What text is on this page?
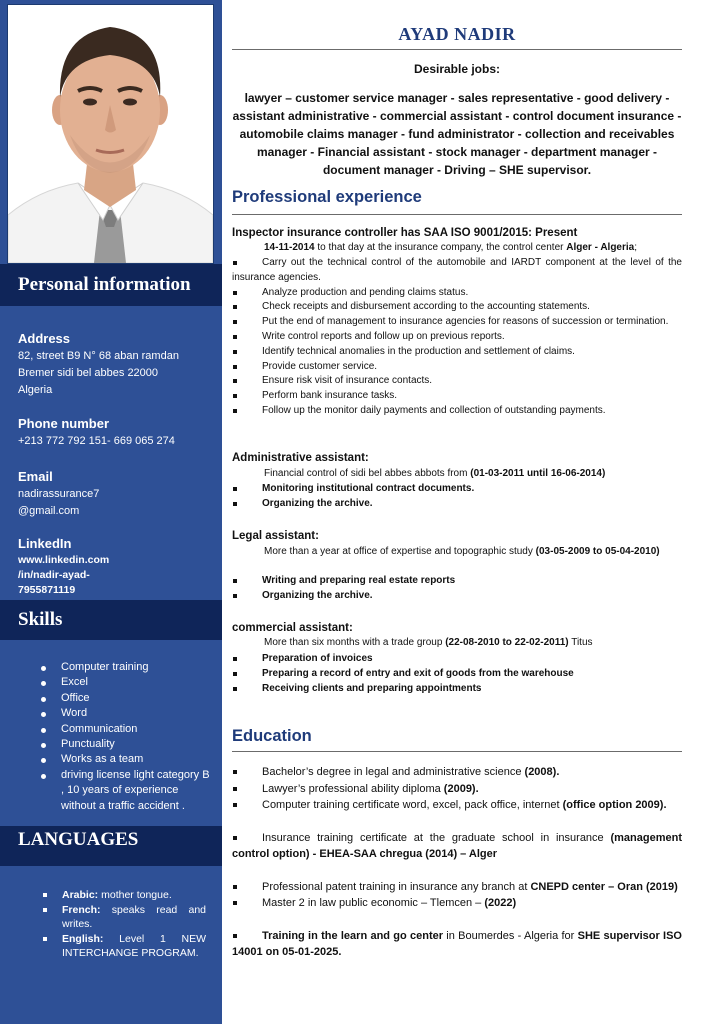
Personal information
Address
82, street B9 N° 68 aban ramdan
Bremer sidi bel abbes 22000
Algeria
Phone number
+213 772 792 151- 669 065 274
Email
nadirassurance7
@gmail.com
LinkedIn
www.linkedin.com
/in/nadir-ayad-
7955871119
Skills
Computer training
Excel
Office
Word
Communication
Punctuality
Works as a team
driving license light category B , 10 years of experience without a traffic accident .
LANGUAGES
Arabic: mother tongue.
French: speaks read and writes.
English: Level 1 NEW INTERCHANGE PROGRAM.
AYAD NADIR
Desirable jobs:
lawyer – customer service manager - sales representative - good delivery - assistant administrative - commercial assistant - control document insurance - automobile claims manager - fund administrator - collection and receivables manager - Financial assistant - stock manager - department manager - document manager - Driving – SHE supervisor.
Professional experience
Inspector insurance controller has SAA ISO 9001/2015: Present
14-11-2014 to that day at the insurance company, the control center Alger - Algeria;
Carry out the technical control of the automobile and IARDT component at the level of the insurance agencies.
Analyze production and pending claims status.
Check receipts and disbursement according to the accounting statements.
Put the end of management to insurance agencies for reasons of succession or termination.
Write control reports and follow up on previous reports.
Identify technical anomalies in the production and settlement of claims.
Provide customer service.
Ensure risk visit of insurance contacts.
Perform bank insurance tasks.
Follow up the monitor daily payments and collection of outstanding payments.
Administrative assistant:
Financial control of sidi bel abbes abbots from (01-03-2011 until 16-06-2014)
Monitoring institutional contract documents.
Organizing the archive.
Legal assistant:
More than a year at office of expertise and topographic study (03-05-2009 to 05-04-2010)
Writing and preparing real estate reports
Organizing the archive.
commercial assistant:
More than six months with a trade group (22-08-2010 to 22-02-2011) Titus
Preparation of invoices
Preparing a record of entry and exit of goods from the warehouse
Receiving clients and preparing appointments
Education
Bachelor’s degree in legal and administrative science (2008).
Lawyer’s professional ability diploma (2009).
Computer training certificate word, excel, pack office, internet (office option 2009).
Insurance training certificate at the graduate school in insurance (management control option) - EHEA-SAA chregua (2014) – Alger
Professional patent training in insurance any branch at CNEPD center – Oran (2019)
Master 2 in law public economic – Tlemcen – (2022)
Training in the learn and go center in Boumerdes - Algeria for SHE supervisor ISO 14001 on 05-01-2025.
